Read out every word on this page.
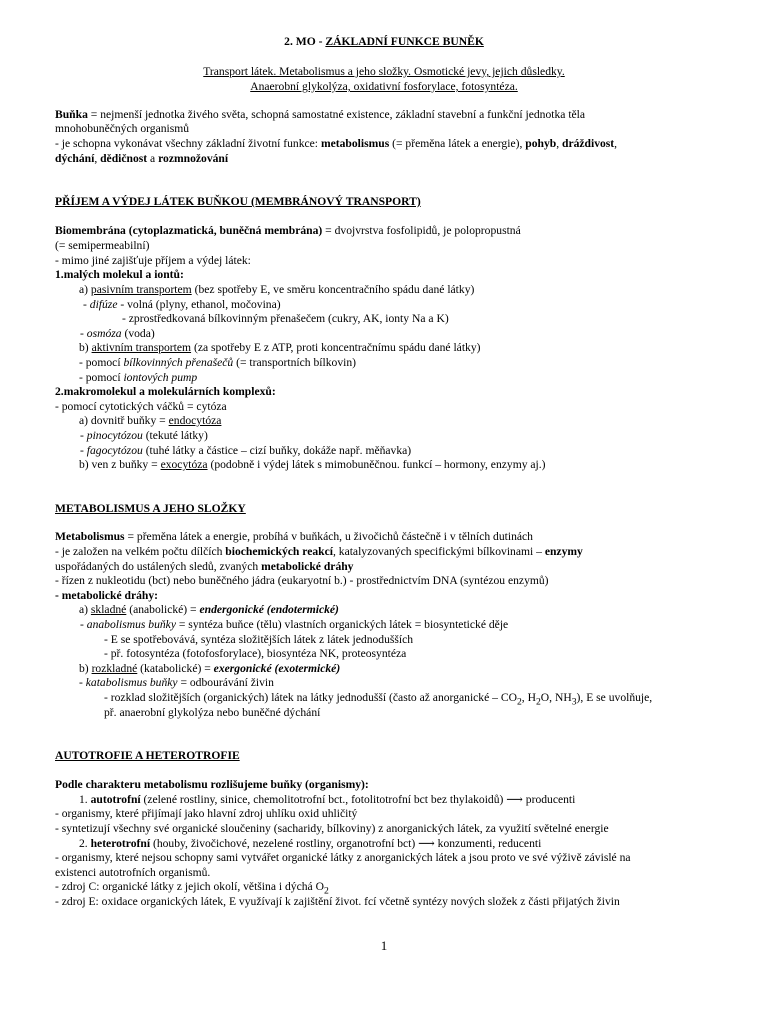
2. MO - ZÁKLADNÍ FUNKCE BUNĚK
Transport látek. Metabolismus a jeho složky. Osmotické jevy, jejich důsledky.
Anaerobní glykolýza, oxidativní fosforylace, fotosyntéza.
Buňka = nejmenší jednotka živého světa, schopná samostatné existence, základní stavební a funkční jednotka těla
mnohobuněčných organismů
- je schopna vykonávat všechny základní životní funkce: metabolismus (= přeměna látek a energie), pohyb, dráždivost,
dýchání, dědičnost a rozmnožování
PŘÍJEM A VÝDEJ LÁTEK BUŇKOU (MEMBRÁNOVÝ TRANSPORT)
Biomembrána (cytoplazmatická, buněčná membrána) = dvojvrstva fosfolipidů, je polopropustná
(= semipermeabilní)
- mimo jiné zajišťuje příjem a výdej látek:
1.malých molekul a iontů:
a) pasivním transportem (bez spotřeby E, ve směru koncentračního spádu dané látky)
- difúze - volná (plyny, ethanol, močovina)
- zprostředkovaná bílkovinným přenašečem (cukry, AK, ionty Na a K)
- osmóza (voda)
b) aktivním transportem (za spotřeby E z ATP, proti koncentračnímu spádu dané látky)
- pomocí bílkovinných přenašečů (= transportních bílkovin)
- pomocí iontových pump
2.makromolekul a molekulárních komplexů:
- pomocí cytotických váčků = cytóza
a) dovnitř buňky = endocytóza
- pinocytózou (tekuté látky)
- fagocytózou (tuhé látky a částice – cizí buňky, dokáže např. měňavka)
b) ven z buňky = exocytóza (podobně i výdej látek s mimobuněčnou. funkcí – hormony, enzymy aj.)
METABOLISMUS A JEHO SLOŽKY
Metabolismus = přeměna látek a energie, probíhá v buňkách, u živočichů částečně i v tělních dutinách
- je založen na velkém počtu dílčích biochemických reakcí, katalyzovaných specifickými bílkovinami – enzymy
uspořádaných do ustálených sledů, zvaných metabolické dráhy
- řízen z nukleotidu (bct) nebo buněčného jádra (eukaryotní b.) - prostřednictvím DNA (syntézou enzymů)
- metabolické dráhy:
a) skladné (anabolické) = endergonické (endotermické)
- anabolismus buňky = syntéza buňce (tělu) vlastních organických látek = biosyntetické děje
- E se spotřebovává, syntéza složitějších látek z látek jednodušších
- př. fotosyntéza (fotofosforylace), biosyntéza NK, proteosyntéza
b) rozkladné (katabolické) = exergonické (exotermické)
- katabolismus buňky = odbourávání živin
- rozklad složitějších (organických) látek na látky jednodušší (často až anorganické – $CO_2$, $H_2O$, $NH_3$), E se uvolňuje,
př. anaerobní glykolýza nebo buněčné dýchání
AUTOTROFIE A HETEROTROFIE
Podle charakteru metabolismu rozlišujeme buňky (organismy):
1. autotrofní (zelené rostliny, sinice, chemolitotrofní bct., fotolitotrofní bct bez thylakoidů) ⟶ producenti
- organismy, které přijímají jako hlavní zdroj uhlíku oxid uhličitý
- syntetizují všechny své organické sloučeniny (sacharidy, bílkoviny) z anorganických látek, za využití světelné energie
2. heterotrofní (houby, živočichové, nezelené rostliny, organotrofní bct) ⟶ konzumenti, reducenti
- organismy, které nejsou schopny sami vytvářet organické látky z anorganických látek a jsou proto ve své výživě závislé na
existenci autotrofních organismů.
- zdroj C: organické látky z jejich okolí, většina i dýchá $O_2$
- zdroj E: oxidace organických látek, E využívají k zajištění život. fcí včetně syntézy nových složek z části přijatých živin
1
